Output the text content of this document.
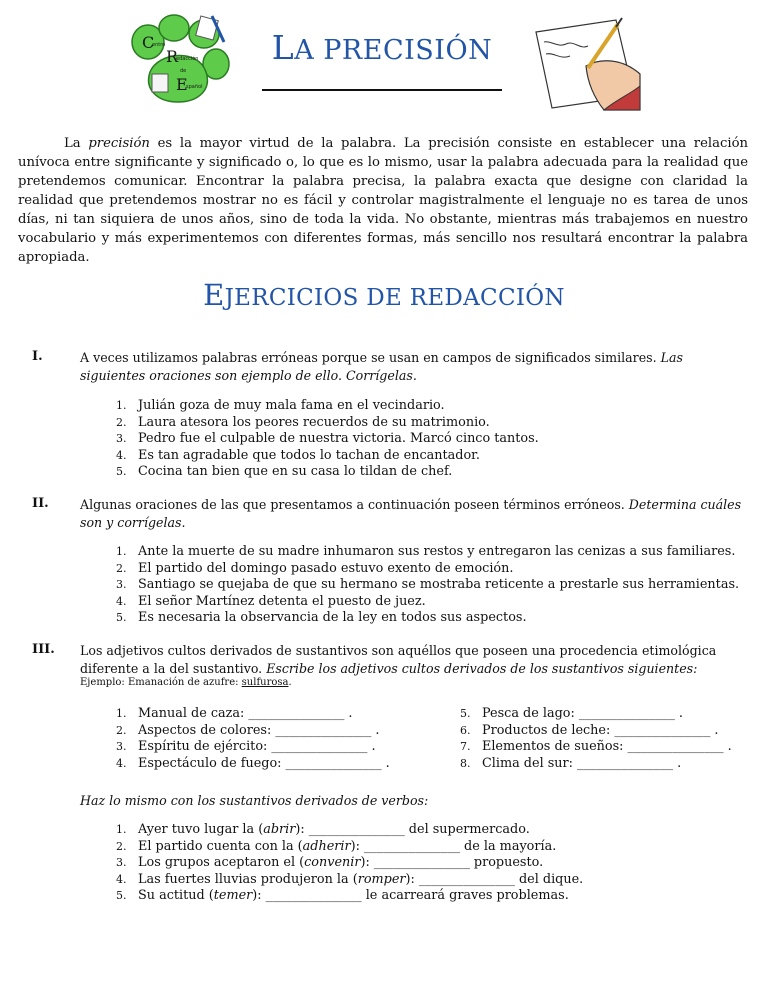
C
entro
R
edacción
de
E
spañol
LA PRECISIÓN
La precisión es la mayor virtud de la palabra. La precisión consiste en establecer una relación unívoca entre significante y significado o, lo que es lo mismo, usar la palabra adecuada para la realidad que pretendemos comunicar. Encontrar la palabra precisa, la palabra exacta que designe con claridad la realidad que pretendemos mostrar no es fácil y controlar magistralmente el lenguaje no es tarea de unos días, ni tan siquiera de unos años, sino de toda la vida. No obstante, mientras más trabajemos en nuestro vocabulario y más experimentemos con diferentes formas, más sencillo nos resultará encontrar la palabra apropiada.
EJERCICIOS DE REDACCIÓN
I.	A veces utilizamos palabras erróneas porque se usan en campos de significados similares. Las siguientes oraciones son ejemplo de ello. Corrígelas.
1. Julián goza de muy mala fama en el vecindario.
2. Laura atesora los peores recuerdos de su matrimonio.
3. Pedro fue el culpable de nuestra victoria. Marcó cinco tantos.
4. Es tan agradable que todos lo tachan de encantador.
5. Cocina tan bien que en su casa lo tildan de chef.
II. Algunas oraciones de las que presentamos a continuación poseen términos erróneos. Determina cuáles son y corrígelas.
1. Ante la muerte de su madre inhumaron sus restos y entregaron las cenizas a sus familiares.
2. El partido del domingo pasado estuvo exento de emoción.
3. Santiago se quejaba de que su hermano se mostraba reticente a prestarle sus herramientas.
4. El señor Martínez detenta el puesto de juez.
5. Es necesaria la observancia de la ley en todos sus aspectos.
III. Los adjetivos cultos derivados de sustantivos son aquéllos que poseen una procedencia etimológica diferente a la del sustantivo. Escribe los adjetivos cultos derivados de los sustantivos siguientes:
Ejemplo: Emanación de azufre: sulfurosa.
1. Manual de caza: _______________ .
2. Aspectos de colores: _______________ .
3. Espíritu de ejército: _______________ .
4. Espectáculo de fuego: _______________ .
5. Pesca de lago: _______________ .
6. Productos de leche: _______________ .
7. Elementos de sueños: _______________ .
8. Clima del sur: _______________ .
Haz lo mismo con los sustantivos derivados de verbos:
1. Ayer tuvo lugar la (abrir): _______________ del supermercado.
2. El partido cuenta con la (adherir): _______________ de la mayoría.
3. Los grupos aceptaron el (convenir): _______________ propuesto.
4. Las fuertes lluvias produjeron la (romper): _______________ del dique.
5. Su actitud (temer): _______________ le acarreará graves problemas.
